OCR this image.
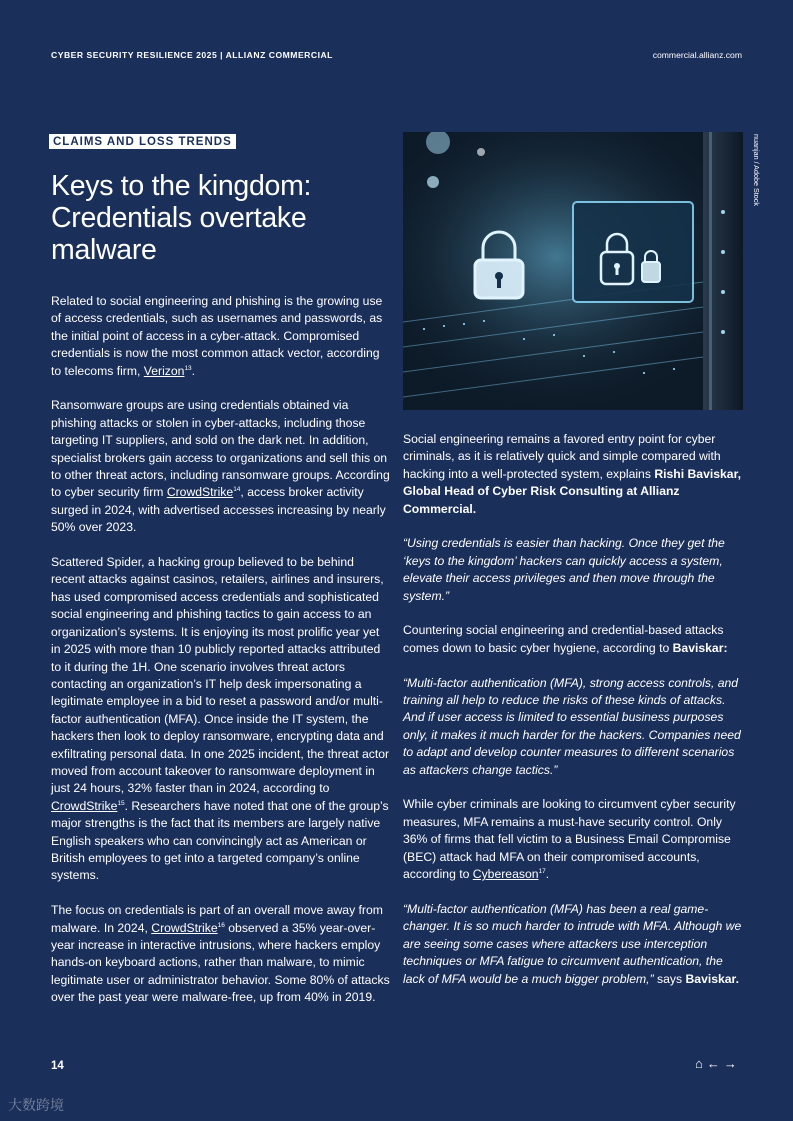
CYBER SECURITY RESILIENCE 2025 | ALLIANZ COMMERCIAL	commercial.allianz.com
CLAIMS AND LOSS TRENDS
Keys to the kingdom: Credentials overtake malware

Related to social engineering and phishing is the growing use of access credentials, such as usernames and passwords, as the initial point of access in a cyber-attack. Compromised credentials is now the most common attack vector, according to telecoms firm, Verizon$^{13}$.

Ransomware groups are using credentials obtained via phishing attacks or stolen in cyber-attacks, including those targeting IT suppliers, and sold on the dark net. In addition, specialist brokers gain access to organizations and sell this on to other threat actors, including ransomware groups. According to cyber security firm CrowdStrike$^{14}$, access broker activity surged in 2024, with advertised accesses increasing by nearly 50% over 2023.

Scattered Spider, a hacking group believed to be behind recent attacks against casinos, retailers, airlines and insurers, has used compromised access credentials and sophisticated social engineering and phishing tactics to gain access to an organization’s systems. It is enjoying its most prolific year yet in 2025 with more than 10 publicly reported attacks attributed to it during the 1H. One scenario involves threat actors contacting an organization’s IT help desk impersonating a legitimate employee in a bid to reset a password and/or multi-factor authentication (MFA). Once inside the IT system, the hackers then look to deploy ransomware, encrypting data and exfiltrating personal data. In one 2025 incident, the threat actor moved from account takeover to ransomware deployment in just 24 hours, 32% faster than in 2024, according to CrowdStrike$^{15}$. Researchers have noted that one of the group’s major strengths is the fact that its members are largely native English speakers who can convincingly act as American or British employees to get into a targeted company’s online systems.

The focus on credentials is part of an overall move away from malware. In 2024, CrowdStrike$^{16}$ observed a 35% year-over-year increase in interactive intrusions, where hackers employ hands-on keyboard actions, rather than malware, to mimic legitimate user or administrator behavior. Some 80% of attacks over the past year were malware-free, up from 40% in 2019.

nuanjan / Adobe Stock

Social engineering remains a favored entry point for cyber criminals, as it is relatively quick and simple compared with hacking into a well-protected system, explains Rishi Baviskar, Global Head of Cyber Risk Consulting at Allianz Commercial.

“Using credentials is easier than hacking. Once they get the ‘keys to the kingdom’ hackers can quickly access a system, elevate their access privileges and then move through the system.”

Countering social engineering and credential-based attacks comes down to basic cyber hygiene, according to Baviskar:

“Multi-factor authentication (MFA), strong access controls, and training all help to reduce the risks of these kinds of attacks. And if user access is limited to essential business purposes only, it makes it much harder for the hackers. Companies need to adapt and develop counter measures to different scenarios as attackers change tactics.”

While cyber criminals are looking to circumvent cyber security measures, MFA remains a must-have security control. Only 36% of firms that fell victim to a Business Email Compromise (BEC) attack had MFA on their compromised accounts, according to Cybereason$^{17}$.

“Multi-factor authentication (MFA) has been a real game-changer. It is so much harder to intrude with MFA. Although we are seeing some cases where attackers use interception techniques or MFA fatigue to circumvent authentication, the lack of MFA would be a much bigger problem,” says Baviskar.

14	⌂ ← →
大数跨境
